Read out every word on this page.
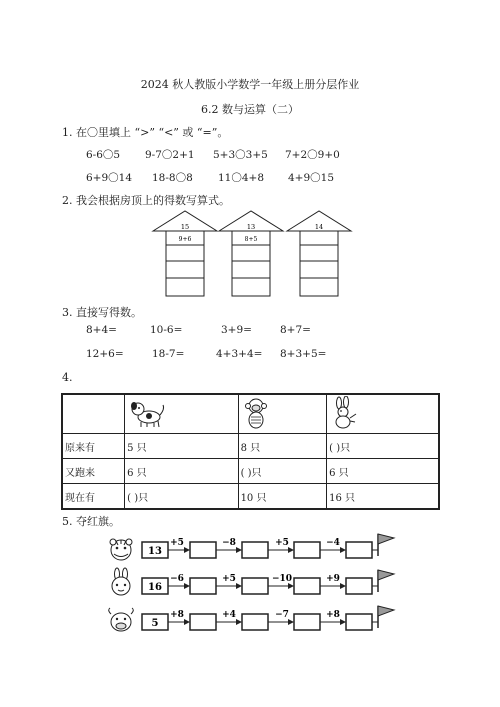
2024 秋人教版小学数学一年级上册分层作业
6.2 数与运算（二）
1. 在〇里填上 “>” “<” 或 “=”。
6-6〇5 9-7〇2+1 5+3〇3+5 7+2〇9+0
6+9〇14 18-8〇8 11〇4+8 4+9〇15
2. 我会根据房顶上的得数写算式。
15
9+6
13
8+5
14
3. 直接写得数。
8+4=	10-6=	3+9=	8+7=
12+6=	18-7=	4+3+4= 8+3+5=
4.

原来有	5 只	8 只	( )只
又跑来	6 只	( )只	6 只
现在有	( )只	10 只	16 只
5. 夺红旗。
13
+5	−8	+5	−4
16
−6	+5	−10	+9
5
+8	+4	−7	+8
